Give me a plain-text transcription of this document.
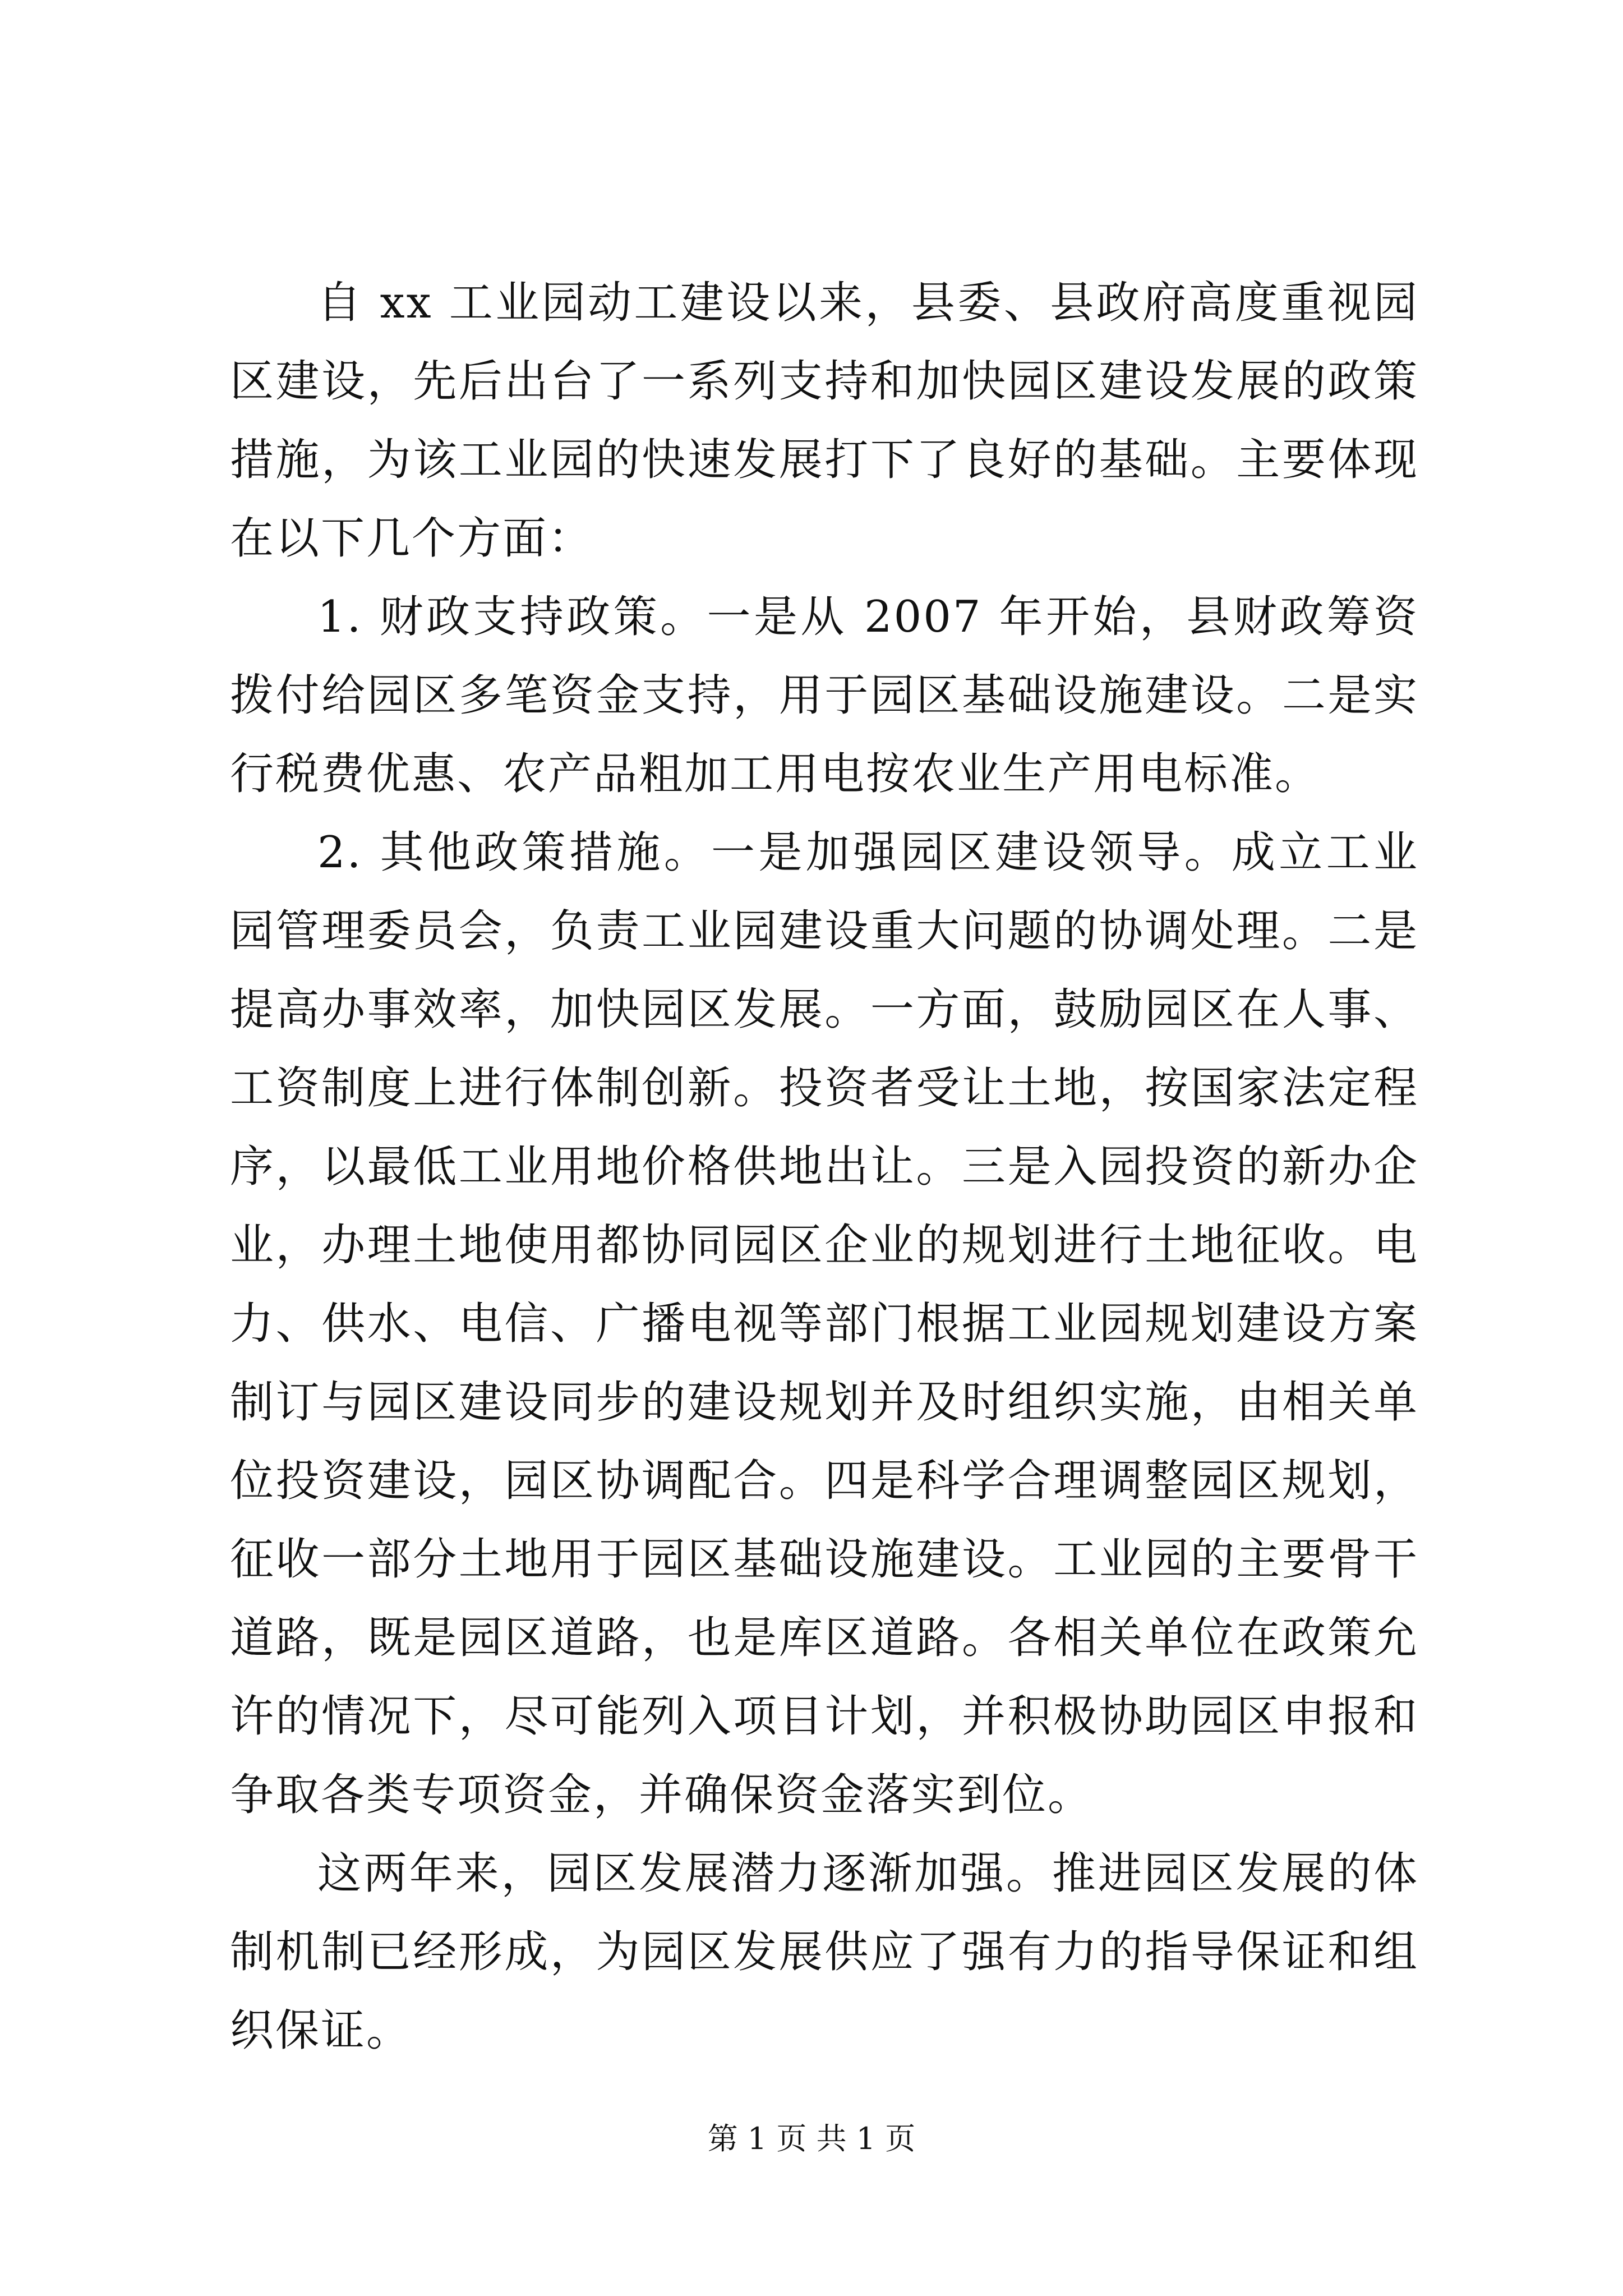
自 xx 工业园动工建设以来，县委、县政府高度重视园区建设，先后出台了一系列支持和加快园区建设发展的政策措施，为该工业园的快速发展打下了良好的基础。主要体现在以下几个方面：

1. 财政支持政策。一是从 2007 年开始，县财政筹资拨付给园区多笔资金支持，用于园区基础设施建设。二是实行税费优惠、农产品粗加工用电按农业生产用电标准。

2. 其他政策措施。一是加强园区建设领导。成立工业园管理委员会，负责工业园建设重大问题的协调处理。二是提高办事效率，加快园区发展。一方面，鼓励园区在人事、工资制度上进行体制创新。投资者受让土地，按国家法定程序，以最低工业用地价格供地出让。三是入园投资的新办企业，办理土地使用都协同园区企业的规划进行土地征收。电力、供水、电信、广播电视等部门根据工业园规划建设方案制订与园区建设同步的建设规划并及时组织实施，由相关单位投资建设，园区协调配合。四是科学合理调整园区规划，征收一部分土地用于园区基础设施建设。工业园的主要骨干道路，既是园区道路，也是库区道路。各相关单位在政策允许的情况下，尽可能列入项目计划，并积极协助园区申报和争取各类专项资金，并确保资金落实到位。

这两年来，园区发展潜力逐渐加强。推进园区发展的体制机制已经形成，为园区发展供应了强有力的指导保证和组织保证。

第 1 页 共 1 页
